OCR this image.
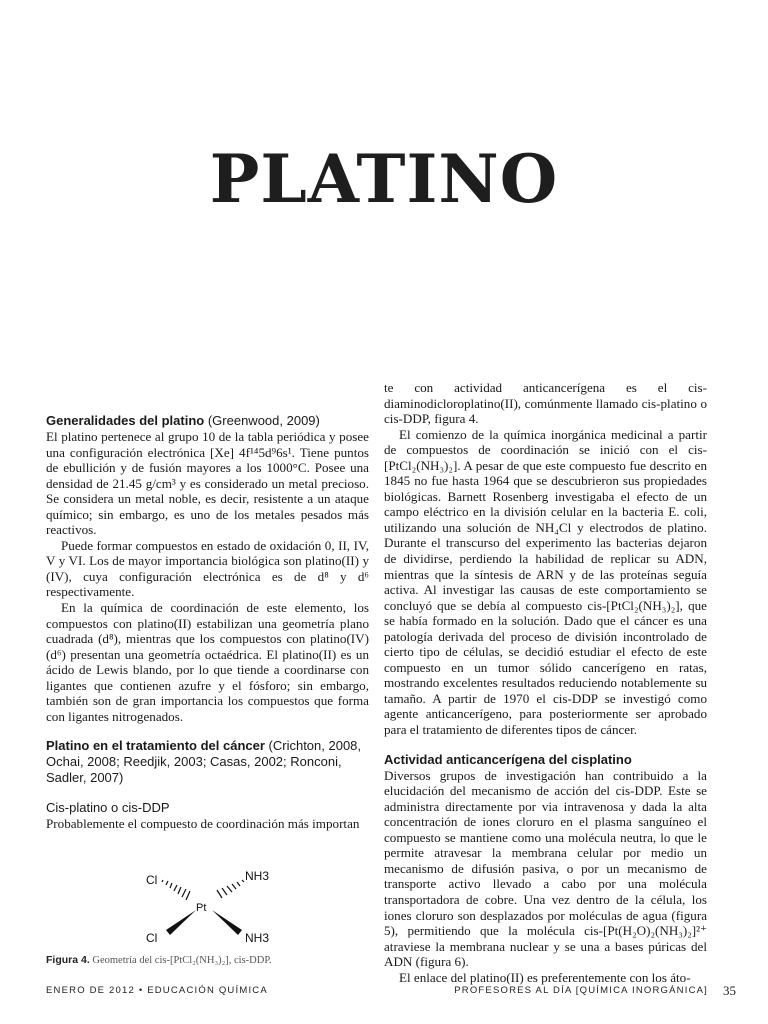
PLATINO
Generalidades del platino (Greenwood, 2009)

El platino pertenece al grupo 10 de la tabla periódica y posee una configuración electrónica [Xe] 4f¹⁴5d⁹6s¹. Tiene puntos de ebullición y de fusión mayores a los 1000°C. Posee una densidad de 21.45 g/cm³ y es considerado un metal precioso. Se considera un metal noble, es decir, resistente a un ataque químico; sin embargo, es uno de los metales pesados más reactivos.

Puede formar compuestos en estado de oxidación 0, II, IV, V y VI. Los de mayor importancia biológica son platino(II) y (IV), cuya configuración electrónica es de d⁸ y d⁶ respectivamente.

En la química de coordinación de este elemento, los compuestos con platino(II) estabilizan una geometría plano cuadrada (d⁸), mientras que los compuestos con platino(IV) (d⁶) presentan una geometría octaédrica. El platino(II) es un ácido de Lewis blando, por lo que tiende a coordinarse con ligantes que contienen azufre y el fósforo; sin embargo, también son de gran importancia los compuestos que forma con ligantes nitrogenados.

Platino en el tratamiento del cáncer (Crichton, 2008, Ochai, 2008; Reedjik, 2003; Casas, 2002; Ronconi, Sadler, 2007)
Cis-platino o cis-DDP

Probablemente el compuesto de coordinación más importan

Cl
Cl
Pt
NH3
NH3
Figura 4. Geometría del cis-[PtCl₂(NH₃)₂], cis-DDP.

te con actividad anticancerígena es el cis-diaminodicloroplatino(II), comúnmente llamado cis-platino o cis-DDP, figura 4.

El comienzo de la química inorgánica medicinal a partir de compuestos de coordinación se inició con el cis-[PtCl₂(NH₃)₂]. A pesar de que este compuesto fue descrito en 1845 no fue hasta 1964 que se descubrieron sus propiedades biológicas. Barnett Rosenberg investigaba el efecto de un campo eléctrico en la división celular en la bacteria E. coli, utilizando una solución de NH₄Cl y electrodos de platino. Durante el transcurso del experimento las bacterias dejaron de dividirse, perdiendo la habilidad de replicar su ADN, mientras que la síntesis de ARN y de las proteínas seguía activa. Al investigar las causas de este comportamiento se concluyó que se debía al compuesto cis-[PtCl₂(NH₃)₂], que se había formado en la solución. Dado que el cáncer es una patología derivada del proceso de división incontrolado de cierto tipo de células, se decidió estudiar el efecto de este compuesto en un tumor sólido cancerígeno en ratas, mostrando excelentes resultados reduciendo notablemente su tamaño. A partir de 1970 el cis-DDP se investigó como agente anticancerígeno, para posteriormente ser aprobado para el tratamiento de diferentes tipos de cáncer.

Actividad anticancerígena del cisplatino

Diversos grupos de investigación han contribuido a la elucidación del mecanismo de acción del cis-DDP. Este se administra directamente por via intravenosa y dada la alta concentración de iones cloruro en el plasma sanguíneo el compuesto se mantiene como una molécula neutra, lo que le permite atravesar la membrana celular por medio un mecanismo de difusión pasiva, o por un mecanismo de transporte activo llevado a cabo por una molécula transportadora de cobre. Una vez dentro de la célula, los iones cloruro son desplazados por moléculas de agua (figura 5), permitiendo que la molécula cis-[Pt(H₂O)₂(NH₃)₂]²⁺ atraviese la membrana nuclear y se una a bases púricas del ADN (figura 6).

El enlace del platino(II) es preferentemente con los áto-

ENERO DE 2012 • EDUCACIÓN QUÍMICA	PROFESORES AL DÍA [QUÍMICA INORGÁNICA] 35
